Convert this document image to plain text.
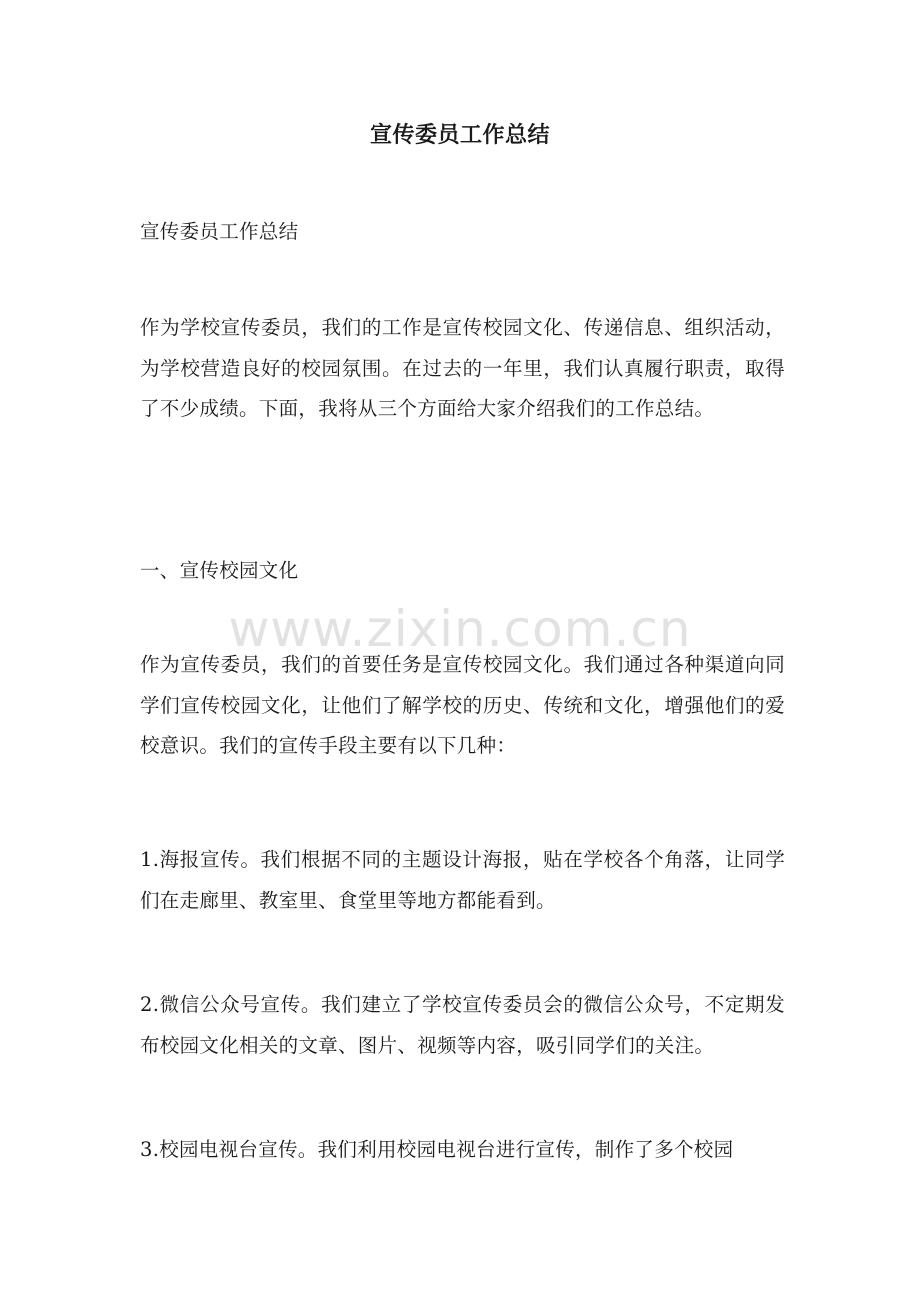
宣传委员工作总结
宣传委员工作总结
作为学校宣传委员，我们的工作是宣传校园文化、传递信息、组织活动，为学校营造良好的校园氛围。在过去的一年里，我们认真履行职责，取得了不少成绩。下面，我将从三个方面给大家介绍我们的工作总结。
一、宣传校园文化
www.zixin.com.cn
作为宣传委员，我们的首要任务是宣传校园文化。我们通过各种渠道向同学们宣传校园文化，让他们了解学校的历史、传统和文化，增强他们的爱校意识。我们的宣传手段主要有以下几种：
1.海报宣传。我们根据不同的主题设计海报，贴在学校各个角落，让同学们在走廊里、教室里、食堂里等地方都能看到。
2.微信公众号宣传。我们建立了学校宣传委员会的微信公众号，不定期发布校园文化相关的文章、图片、视频等内容，吸引同学们的关注。
3.校园电视台宣传。我们利用校园电视台进行宣传，制作了多个校园
